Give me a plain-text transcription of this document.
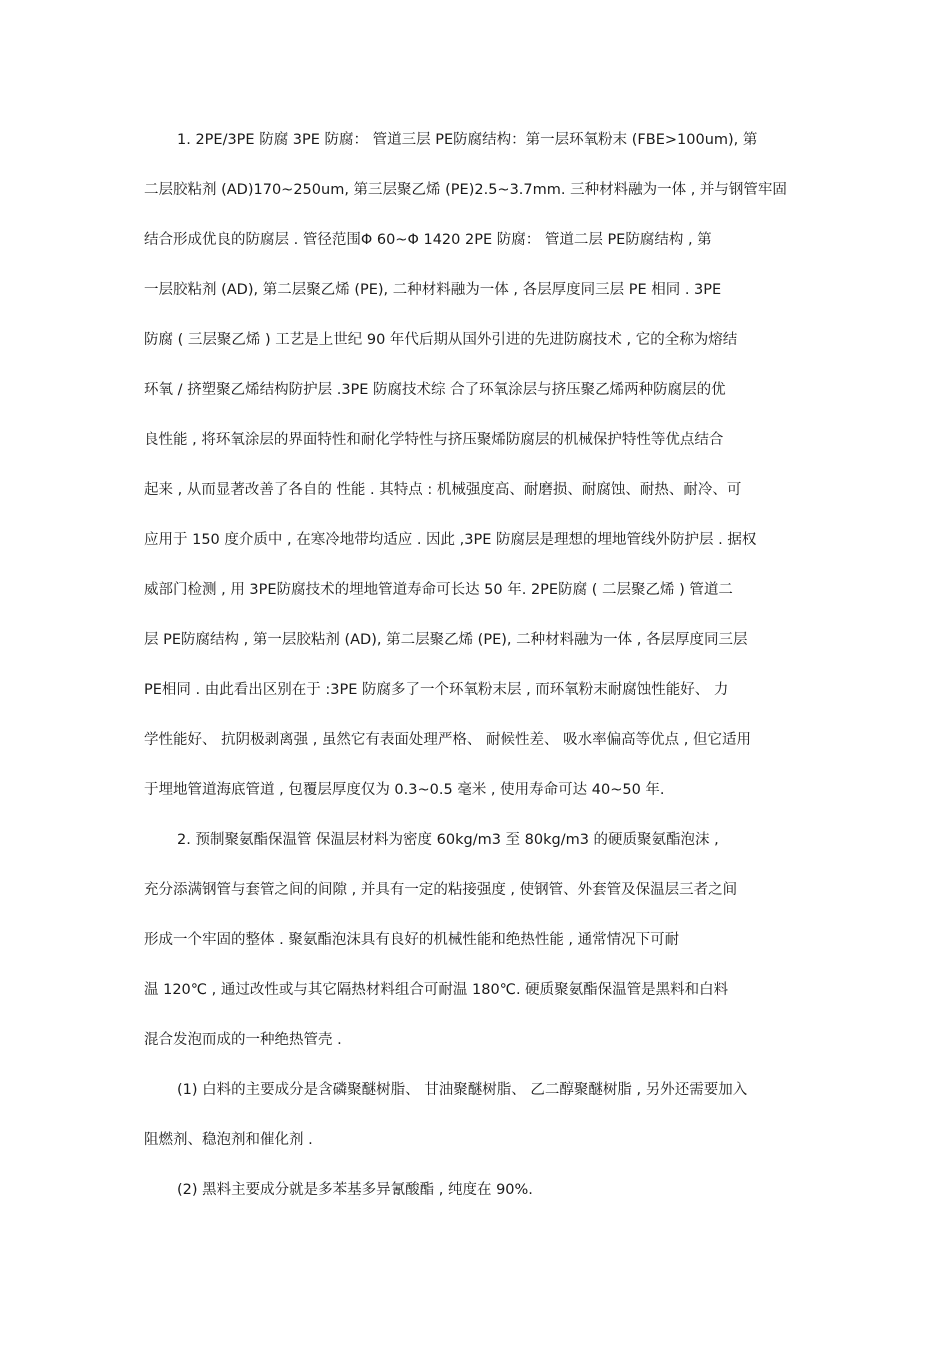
1. 2PE/3PE 防腐 3PE 防腐： 管道三层 PE防腐结构：第一层环氧粉末 (FBE>100um), 第
二层胶粘剂 (AD)170~250um, 第三层聚乙烯 (PE)2.5~3.7mm. 三种材料融为一体 , 并与钢管牢固
结合形成优良的防腐层 . 管径范围Φ 60~Φ 1420 2PE 防腐： 管道二层 PE防腐结构 , 第
一层胶粘剂 (AD), 第二层聚乙烯 (PE), 二种材料融为一体 , 各层厚度同三层 PE 相同 . 3PE
防腐 ( 三层聚乙烯 ) 工艺是上世纪 90 年代后期从国外引进的先进防腐技术 , 它的全称为熔结
环氧 / 挤塑聚乙烯结构防护层 .3PE 防腐技术综 合了环氧涂层与挤压聚乙烯两种防腐层的优
良性能 , 将环氧涂层的界面特性和耐化学特性与挤压聚烯防腐层的机械保护特性等优点结合
起来 , 从而显著改善了各自的 性能 . 其特点 : 机械强度高、耐磨损、耐腐蚀、耐热、耐冷、可
应用于 150 度介质中 , 在寒冷地带均适应 . 因此 ,3PE 防腐层是理想的埋地管线外防护层 . 据权
威部门检测 , 用 3PE防腐技术的埋地管道寿命可长达 50 年. 2PE防腐 ( 二层聚乙烯 ) 管道二
层 PE防腐结构 , 第一层胶粘剂 (AD), 第二层聚乙烯 (PE), 二种材料融为一体 , 各层厚度同三层
PE相同 . 由此看出区别在于 :3PE 防腐多了一个环氧粉末层 , 而环氧粉末耐腐蚀性能好、 力
学性能好、 抗阴极剥离强 , 虽然它有表面处理严格、 耐候性差、 吸水率偏高等优点 , 但它适用
于埋地管道海底管道 , 包覆层厚度仅为 0.3~0.5 毫米 , 使用寿命可达 40~50 年.
2. 预制聚氨酯保温管 保温层材料为密度 60kg/m3 至 80kg/m3 的硬质聚氨酯泡沫 ,
充分添满钢管与套管之间的间隙 , 并具有一定的粘接强度 , 使钢管、外套管及保温层三者之间
形成一个牢固的整体 . 聚氨酯泡沫具有良好的机械性能和绝热性能 , 通常情况下可耐
温 120℃ , 通过改性或与其它隔热材料组合可耐温 180℃. 硬质聚氨酯保温管是黑料和白料
混合发泡而成的一种绝热管壳 .
(1) 白料的主要成分是含磷聚醚树脂、 甘油聚醚树脂、 乙二醇聚醚树脂 , 另外还需要加入
阻燃剂、稳泡剂和催化剂 .
(2) 黑料主要成分就是多苯基多异氰酸酯 , 纯度在 90%.
